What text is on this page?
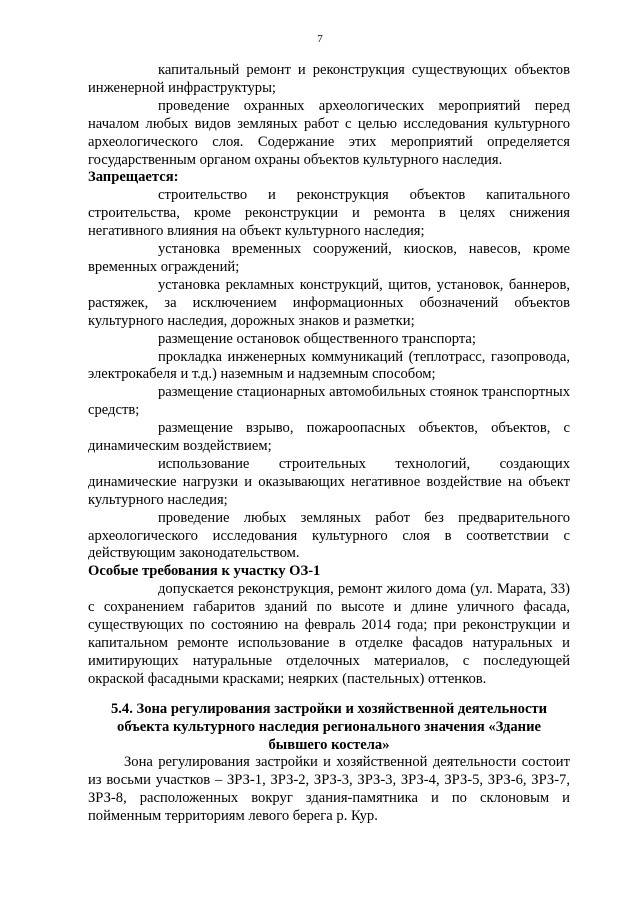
7

капитальный ремонт и реконструкция существующих объектов инженерной инфраструктуры;

проведение охранных археологических мероприятий перед началом любых видов земляных работ с целью исследования культурного археологического слоя. Содержание этих мероприятий определяется государственным органом охраны объектов культурного наследия.

Запрещается:

строительство и реконструкция объектов капитального строительства, кроме реконструкции и ремонта в целях снижения негативного влияния на объект культурного наследия;

установка временных сооружений, киосков, навесов, кроме временных ограждений;

установка рекламных конструкций, щитов, установок, баннеров, растяжек, за исключением информационных обозначений объектов культурного наследия, дорожных знаков и разметки;

размещение остановок общественного транспорта;

прокладка инженерных коммуникаций (теплотрасс, газопровода, электрокабеля и т.д.) наземным и надземным способом;

размещение стационарных автомобильных стоянок транспортных средств;

размещение взрыво, пожароопасных объектов, объектов, с динамическим воздействием;

использование строительных технологий, создающих динамические нагрузки и оказывающих негативное воздействие на объект культурного наследия;

проведение любых земляных работ без предварительного археологического исследования культурного слоя в соответствии с действующим законодательством.

Особые требования к участку ОЗ-1

допускается реконструкция, ремонт жилого дома (ул. Марата, 33) с сохранением габаритов зданий по высоте и длине уличного фасада, существующих по состоянию на февраль 2014 года; при реконструкции и капитальном ремонте использование в отделке фасадов натуральных и имитирующих натуральные отделочных материалов, с последующей окраской фасадными красками; неярких (пастельных) оттенков.

5.4. Зона регулирования застройки и хозяйственной деятельности объекта культурного наследия регионального значения «Здание бывшего костела»

Зона регулирования застройки и хозяйственной деятельности состоит из восьми участков – ЗРЗ-1, ЗРЗ-2, ЗРЗ-3, ЗРЗ-3, ЗРЗ-4, ЗРЗ-5, ЗРЗ-6, ЗРЗ-7, ЗРЗ-8, расположенных вокруг здания-памятника и по склоновым и пойменным территориям левого берега р. Кур.
